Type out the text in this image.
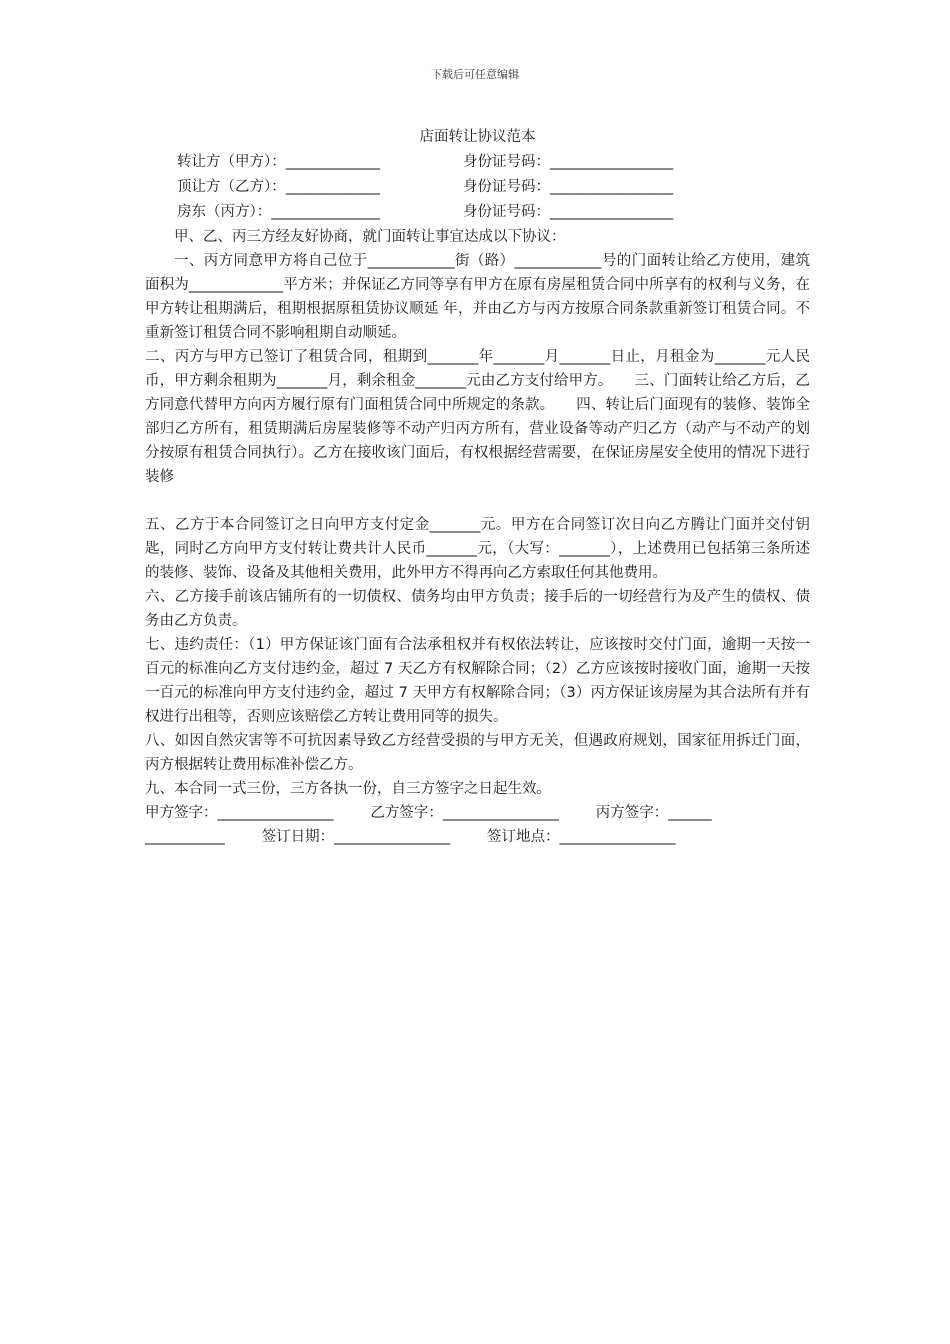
下载后可任意编辑

店面转让协议范本

转让方（甲方）：_____________	身份证号码：_________________
顶让方（乙方）：_____________	身份证号码：_________________
房东（丙方）：_______________	身份证号码：_________________

甲、乙、丙三方经友好协商，就门面转让事宜达成以下协议：

一、丙方同意甲方将自己位于____________街（路）____________号的门面转让给乙方使用，建筑面积为_____________平方米；并保证乙方同等享有甲方在原有房屋租赁合同中所享有的权利与义务，在甲方转让租期满后，租期根据原租赁协议顺延 年，并由乙方与丙方按原合同条款重新签订租赁合同。不重新签订租赁合同不影响租期自动顺延。

二、丙方与甲方已签订了租赁合同，租期到_______年_______月_______日止，月租金为_______元人民币，甲方剩余租期为_______月，剩余租金_______元由乙方支付给甲方。　　三、门面转让给乙方后，乙方同意代替甲方向丙方履行原有门面租赁合同中所规定的条款。　　四、转让后门面现有的装修、装饰全部归乙方所有，租赁期满后房屋装修等不动产归丙方所有，营业设备等动产归乙方（动产与不动产的划分按原有租赁合同执行）。乙方在接收该门面后，有权根据经营需要，在保证房屋安全使用的情况下进行装修

五、乙方于本合同签订之日向甲方支付定金_______元。甲方在合同签订次日向乙方腾让门面并交付钥匙，同时乙方向甲方支付转让费共计人民币_______元，（大写：_______），上述费用已包括第三条所述的装修、装饰、设备及其他相关费用，此外甲方不得再向乙方索取任何其他费用。

六、乙方接手前该店铺所有的一切债权、债务均由甲方负责；接手后的一切经营行为及产生的债权、债务由乙方负责。

七、违约责任：（1）甲方保证该门面有合法承租权并有权依法转让，应该按时交付门面，逾期一天按一百元的标准向乙方支付违约金，超过 7 天乙方有权解除合同；（2）乙方应该按时接收门面，逾期一天按一百元的标准向甲方支付违约金，超过 7 天甲方有权解除合同；（3）丙方保证该房屋为其合法所有并有权进行出租等，否则应该赔偿乙方转让费用同等的损失。

八、如因自然灾害等不可抗因素导致乙方经营受损的与甲方无关，但遇政府规划，国家征用拆迁门面，丙方根据转让费用标准补偿乙方。

九、本合同一式三份，三方各执一份，自三方签字之日起生效。

甲方签字：________________        乙方签字：________________        丙方签字：______

___________        签订日期：________________        签订地点：________________
